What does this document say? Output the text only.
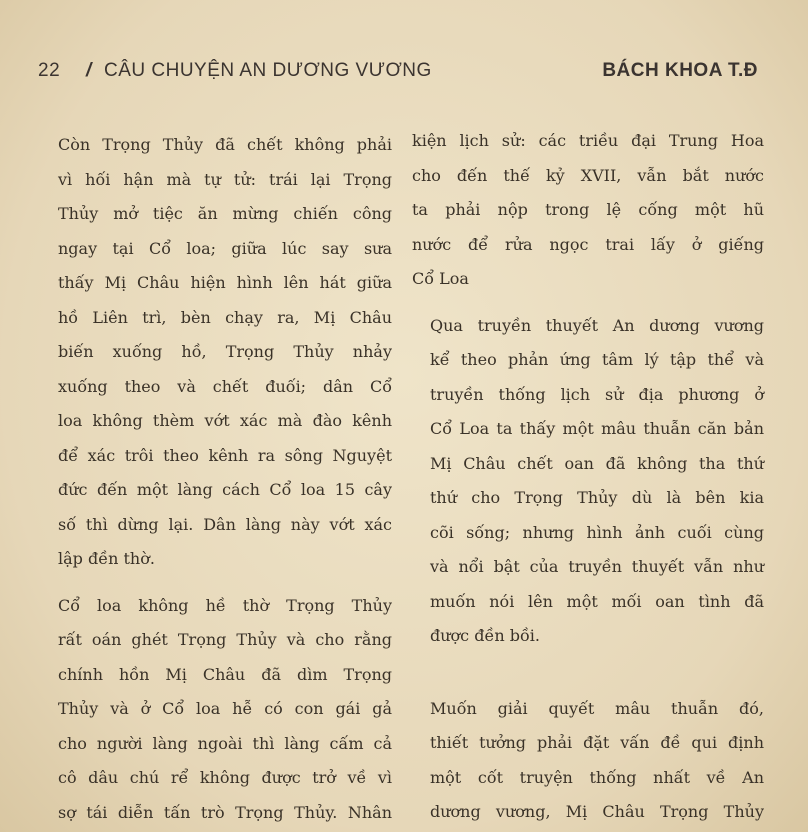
22 / CÂU CHUYỆN AN DƯƠNG VƯƠNG	BÁCH KHOA T.Đ
Còn Trọng Thủy đã chết không phải
vì hối hận mà tự tử: trái lại Trọng
Thủy mở tiệc ăn mừng chiến công
ngay tại Cổ loa; giữa lúc say sưa
thấy Mị Châu hiện hình lên hát giữa
hồ Liên trì, bèn chạy ra, Mị Châu
biến xuống hồ, Trọng Thủy nhảy
xuống theo và chết đuối; dân Cổ
loa không thèm vớt xác mà đào kênh
để xác trôi theo kênh ra sông Nguyệt
đức đến một làng cách Cổ loa 15 cây
số thì dừng lại. Dân làng này vớt xác
lập đền thờ.
Cổ loa không hề thờ Trọng Thủy
rất oán ghét Trọng Thủy và cho rằng
chính hồn Mị Châu đã dìm Trọng
Thủy và ở Cổ loa hễ có con gái gả
cho người làng ngoài thì làng cấm cả
cô dâu chú rể không được trở về vì
sợ tái diễn tấn trò Trọng Thủy. Nhân
kiện lịch sử: các triều đại Trung Hoa
cho đến thế kỷ XVII, vẫn bắt nước
ta phải nộp trong lệ cống một hũ
nước để rửa ngọc trai lấy ở giếng
Cổ Loa
Qua truyền thuyết An dương vương
kể theo phản ứng tâm lý tập thể và
truyền thống lịch sử địa phương ở
Cổ Loa ta thấy một mâu thuẫn căn bản
Mị Châu chết oan đã không tha thứ
thứ cho Trọng Thủy dù là bên kia
cõi sống; nhưng hình ảnh cuối cùng
và nổi bật của truyền thuyết vẫn như
muốn nói lên một mối oan tình đã
được đền bồi.
Muốn giải quyết mâu thuẫn đó,
thiết tưởng phải đặt vấn đề qui định
một cốt truyện thống nhất về An
dương vương, Mị Châu Trọng Thủy
